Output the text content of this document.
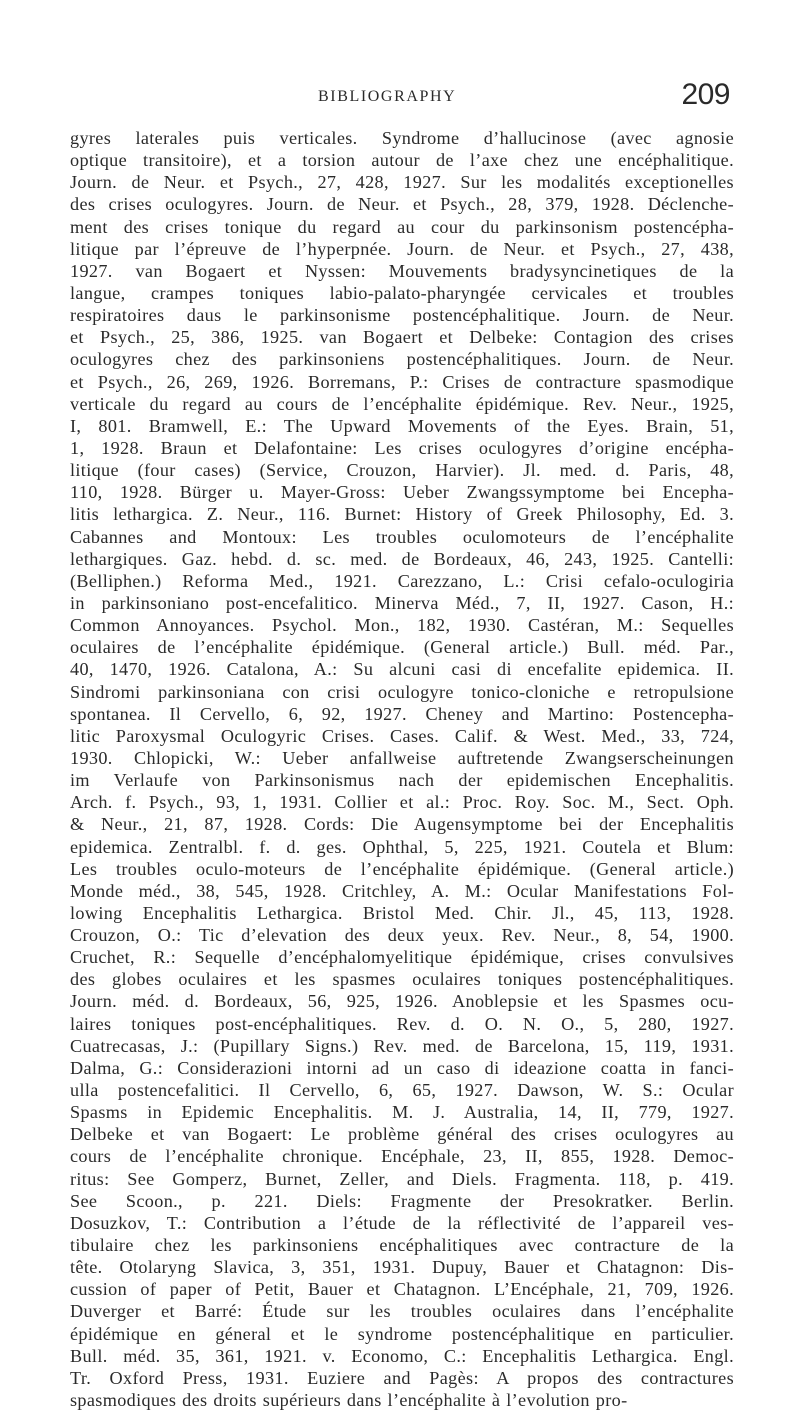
BIBLIOGRAPHY	209
gyres laterales puis verticales. Syndrome d’hallucinose (avec agnosie
optique transitoire), et a torsion autour de l’axe chez une encéphalitique.
Journ. de Neur. et Psych., 27, 428, 1927. Sur les modalités exceptionelles
des crises oculogyres. Journ. de Neur. et Psych., 28, 379, 1928. Déclenche-
ment des crises tonique du regard au cour du parkinsonism postencépha-
litique par l’épreuve de l’hyperpnée. Journ. de Neur. et Psych., 27, 438,
1927. van Bogaert et Nyssen: Mouvements bradysyncinetiques de la
langue, crampes toniques labio-palato-pharyngée cervicales et troubles
respiratoires daus le parkinsonisme postencéphalitique. Journ. de Neur.
et Psych., 25, 386, 1925. van Bogaert et Delbeke: Contagion des crises
oculogyres chez des parkinsoniens postencéphalitiques. Journ. de Neur.
et Psych., 26, 269, 1926. Borremans, P.: Crises de contracture spasmodique
verticale du regard au cours de l’encéphalite épidémique. Rev. Neur., 1925,
I, 801. Bramwell, E.: The Upward Movements of the Eyes. Brain, 51,
1, 1928. Braun et Delafontaine: Les crises oculogyres d’origine encépha-
litique (four cases) (Service, Crouzon, Harvier). Jl. med. d. Paris, 48,
110, 1928. Bürger u. Mayer-Gross: Ueber Zwangssymptome bei Encepha-
litis lethargica. Z. Neur., 116. Burnet: History of Greek Philosophy, Ed. 3.
Cabannes and Montoux: Les troubles oculomoteurs de l’encéphalite
lethargiques. Gaz. hebd. d. sc. med. de Bordeaux, 46, 243, 1925. Cantelli:
(Belliphen.) Reforma Med., 1921. Carezzano, L.: Crisi cefalo-oculogiria
in parkinsoniano post-encefalitico. Minerva Méd., 7, II, 1927. Cason, H.:
Common Annoyances. Psychol. Mon., 182, 1930. Castéran, M.: Sequelles
oculaires de l’encéphalite épidémique. (General article.) Bull. méd. Par.,
40, 1470, 1926. Catalona, A.: Su alcuni casi di encefalite epidemica. II.
Sindromi parkinsoniana con crisi oculogyre tonico-cloniche e retropulsione
spontanea. Il Cervello, 6, 92, 1927. Cheney and Martino: Postencepha-
litic Paroxysmal Oculogyric Crises. Cases. Calif. & West. Med., 33, 724,
1930. Chlopicki, W.: Ueber anfallweise auftretende Zwangserscheinungen
im Verlaufe von Parkinsonismus nach der epidemischen Encephalitis.
Arch. f. Psych., 93, 1, 1931. Collier et al.: Proc. Roy. Soc. M., Sect. Oph.
& Neur., 21, 87, 1928. Cords: Die Augensymptome bei der Encephalitis
epidemica. Zentralbl. f. d. ges. Ophthal, 5, 225, 1921. Coutela et Blum:
Les troubles oculo-moteurs de l’encéphalite épidémique. (General article.)
Monde méd., 38, 545, 1928. Critchley, A. M.: Ocular Manifestations Fol-
lowing Encephalitis Lethargica. Bristol Med. Chir. Jl., 45, 113, 1928.
Crouzon, O.: Tic d’elevation des deux yeux. Rev. Neur., 8, 54, 1900.
Cruchet, R.: Sequelle d’encéphalomyelitique épidémique, crises convulsives
des globes oculaires et les spasmes oculaires toniques postencéphalitiques.
Journ. méd. d. Bordeaux, 56, 925, 1926. Anoblepsie et les Spasmes ocu-
laires toniques post-encéphalitiques. Rev. d. O. N. O., 5, 280, 1927.
Cuatrecasas, J.: (Pupillary Signs.) Rev. med. de Barcelona, 15, 119, 1931.
Dalma, G.: Considerazioni intorni ad un caso di ideazione coatta in fanci-
ulla postencefalitici. Il Cervello, 6, 65, 1927. Dawson, W. S.: Ocular
Spasms in Epidemic Encephalitis. M. J. Australia, 14, II, 779, 1927.
Delbeke et van Bogaert: Le problème général des crises oculogyres au
cours de l’encéphalite chronique. Encéphale, 23, II, 855, 1928. Democ-
ritus: See Gomperz, Burnet, Zeller, and Diels. Fragmenta. 118, p. 419.
See Scoon., p. 221. Diels: Fragmente der Presokratker. Berlin.
Dosuzkov, T.: Contribution a l’étude de la réflectivité de l’appareil ves-
tibulaire chez les parkinsoniens encéphalitiques avec contracture de la
tête. Otolaryng Slavica, 3, 351, 1931. Dupuy, Bauer et Chatagnon: Dis-
cussion of paper of Petit, Bauer et Chatagnon. L’Encéphale, 21, 709, 1926.
Duverger et Barré: Étude sur les troubles oculaires dans l’encéphalite
épidémique en géneral et le syndrome postencéphalitique en particulier.
Bull. méd. 35, 361, 1921. v. Economo, C.: Encephalitis Lethargica. Engl.
Tr. Oxford Press, 1931. Euziere and Pagès: A propos des contractures
spasmodiques des droits supérieurs dans l’encéphalite à l’evolution pro-
